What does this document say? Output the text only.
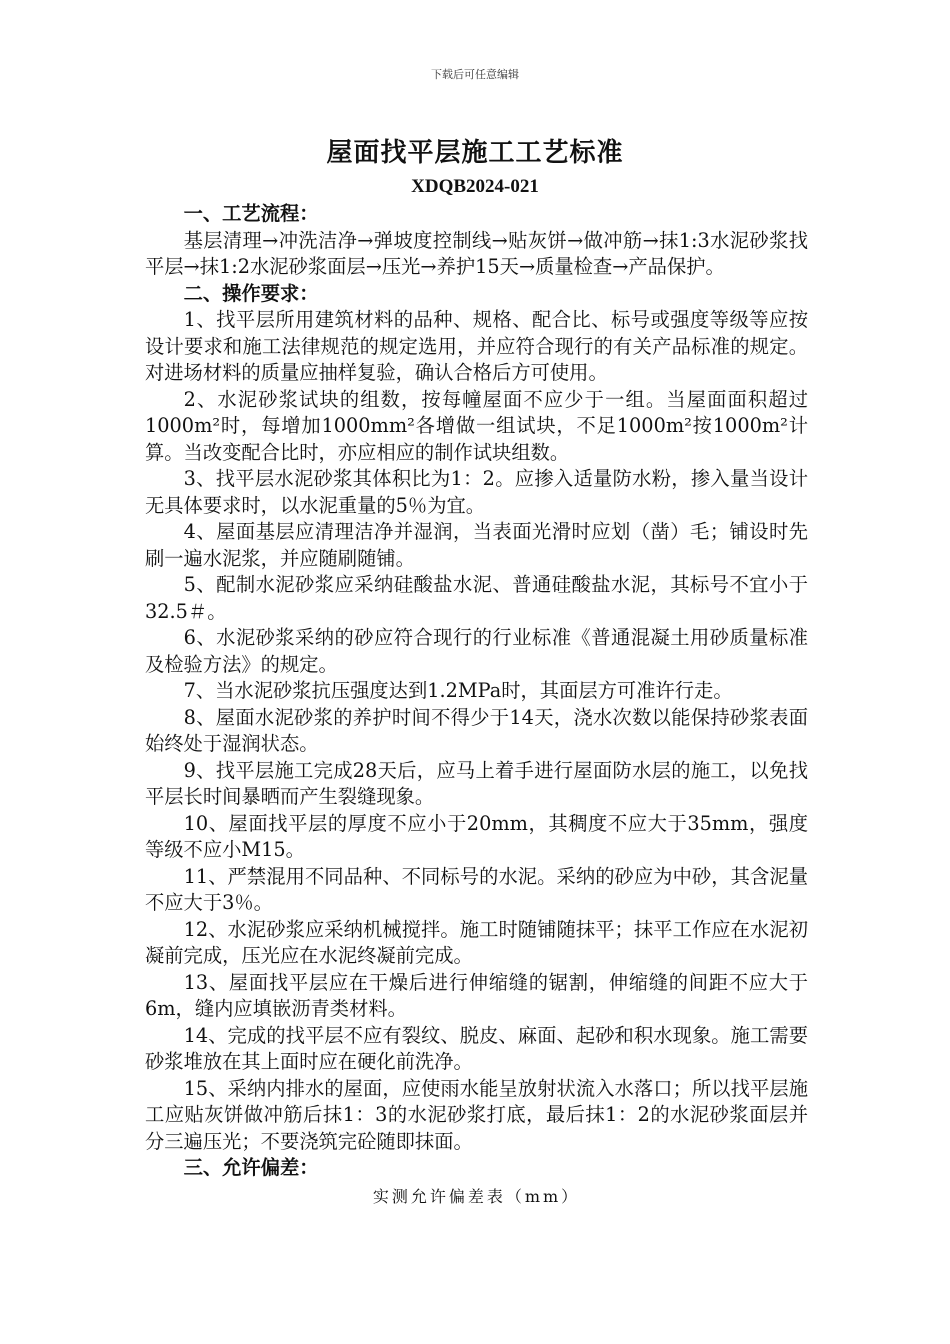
下载后可任意编辑
屋面找平层施工工艺标准
XDQB2024-021

一、工艺流程：

基层清理→冲洗洁净→弹坡度控制线→贴灰饼→做冲筋→抹1:3水泥砂浆找平层→抹1:2水泥砂浆面层→压光→养护15天→质量检查→产品保护。

二、操作要求：

1、找平层所用建筑材料的品种、规格、配合比、标号或强度等级等应按设计要求和施工法律规范的规定选用，并应符合现行的有关产品标准的规定。对进场材料的质量应抽样复验，确认合格后方可使用。

2、水泥砂浆试块的组数，按每幢屋面不应少于一组。当屋面面积超过1000m²时，每增加1000mm²各增做一组试块，不足1000m²按1000m²计算。当改变配合比时，亦应相应的制作试块组数。

3、找平层水泥砂浆其体积比为1：2。应掺入适量防水粉，掺入量当设计无具体要求时，以水泥重量的5％为宜。

4、屋面基层应清理洁净并湿润，当表面光滑时应划（凿）毛；铺设时先刷一遍水泥浆，并应随刷随铺。

5、配制水泥砂浆应采纳硅酸盐水泥、普通硅酸盐水泥，其标号不宜小于32.5＃。

6、水泥砂浆采纳的砂应符合现行的行业标准《普通混凝土用砂质量标准及检验方法》的规定。

7、当水泥砂浆抗压强度达到1.2MPa时，其面层方可准许行走。

8、屋面水泥砂浆的养护时间不得少于14天，浇水次数以能保持砂浆表面始终处于湿润状态。

9、找平层施工完成28天后，应马上着手进行屋面防水层的施工，以免找平层长时间暴晒而产生裂缝现象。

10、屋面找平层的厚度不应小于20mm，其稠度不应大于35mm，强度等级不应小M15。

11、严禁混用不同品种、不同标号的水泥。采纳的砂应为中砂，其含泥量不应大于3％。

12、水泥砂浆应采纳机械搅拌。施工时随铺随抹平；抹平工作应在水泥初凝前完成，压光应在水泥终凝前完成。

13、屋面找平层应在干燥后进行伸缩缝的锯割，伸缩缝的间距不应大于6m，缝内应填嵌沥青类材料。

14、完成的找平层不应有裂纹、脱皮、麻面、起砂和积水现象。施工需要砂浆堆放在其上面时应在硬化前洗净。

15、采纳内排水的屋面，应使雨水能呈放射状流入水落口；所以找平层施工应贴灰饼做冲筋后抹1：3的水泥砂浆打底，最后抹1：2的水泥砂浆面层并分三遍压光；不要浇筑完砼随即抹面。

三、允许偏差：

实测允许偏差表（mm）
